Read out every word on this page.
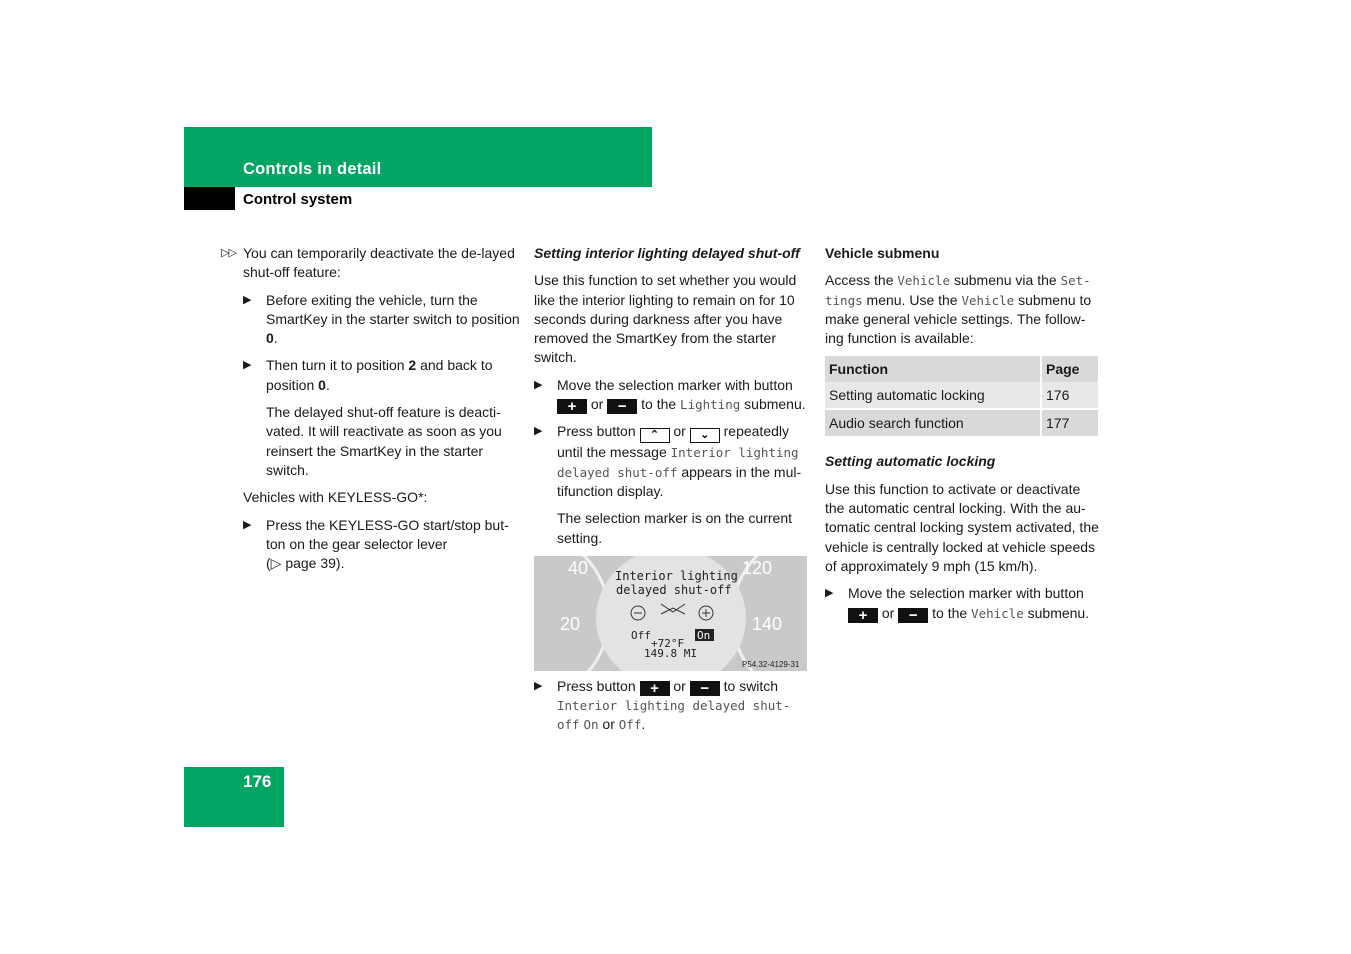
Controls in detail
Control system

▷▷ You can temporarily deactivate the de-layed shut-off feature:

▶ Before exiting the vehicle, turn the SmartKey in the starter switch to position 0.
▶ Then turn it to position 2 and back to position 0.

The delayed shut-off feature is deacti-vated. It will reactivate as soon as you reinsert the SmartKey in the starter switch.

Vehicles with KEYLESS-GO*:

▶ Press the KEYLESS-GO start/stop but-ton on the gear selector lever
(▷ page 39).
Setting interior lighting delayed shut-off

Use this function to set whether you would like the interior lighting to remain on for 10 seconds during darkness after you have removed the SmartKey from the starter switch.

▶ Move the selection marker with button + or − to the Lighting submenu.
▶ Press button ⌃ or ⌄ repeatedly until the message Interior lighting delayed shut-off appears in the mul-tifunction display.

The selection marker is on the current setting.

40
20
120
140
Interior lighting
delayed shut-off
Off	On
+72°F
149.8 MI
P54.32-4129-31
▶ Press button + or − to switch Interior lighting delayed shut-off On or Off.
Vehicle submenu

Access the Vehicle submenu via the Set-tings menu. Use the Vehicle submenu to make general vehicle settings. The follow-ing function is available:

Function	Page
Setting automatic locking	176
Audio search function	177
Setting automatic locking

Use this function to activate or deactivate the automatic central locking. With the au-tomatic central locking system activated, the vehicle is centrally locked at vehicle speeds of approximately 9 mph (15 km/h).

▶ Move the selection marker with button + or − to the Vehicle submenu.
176
